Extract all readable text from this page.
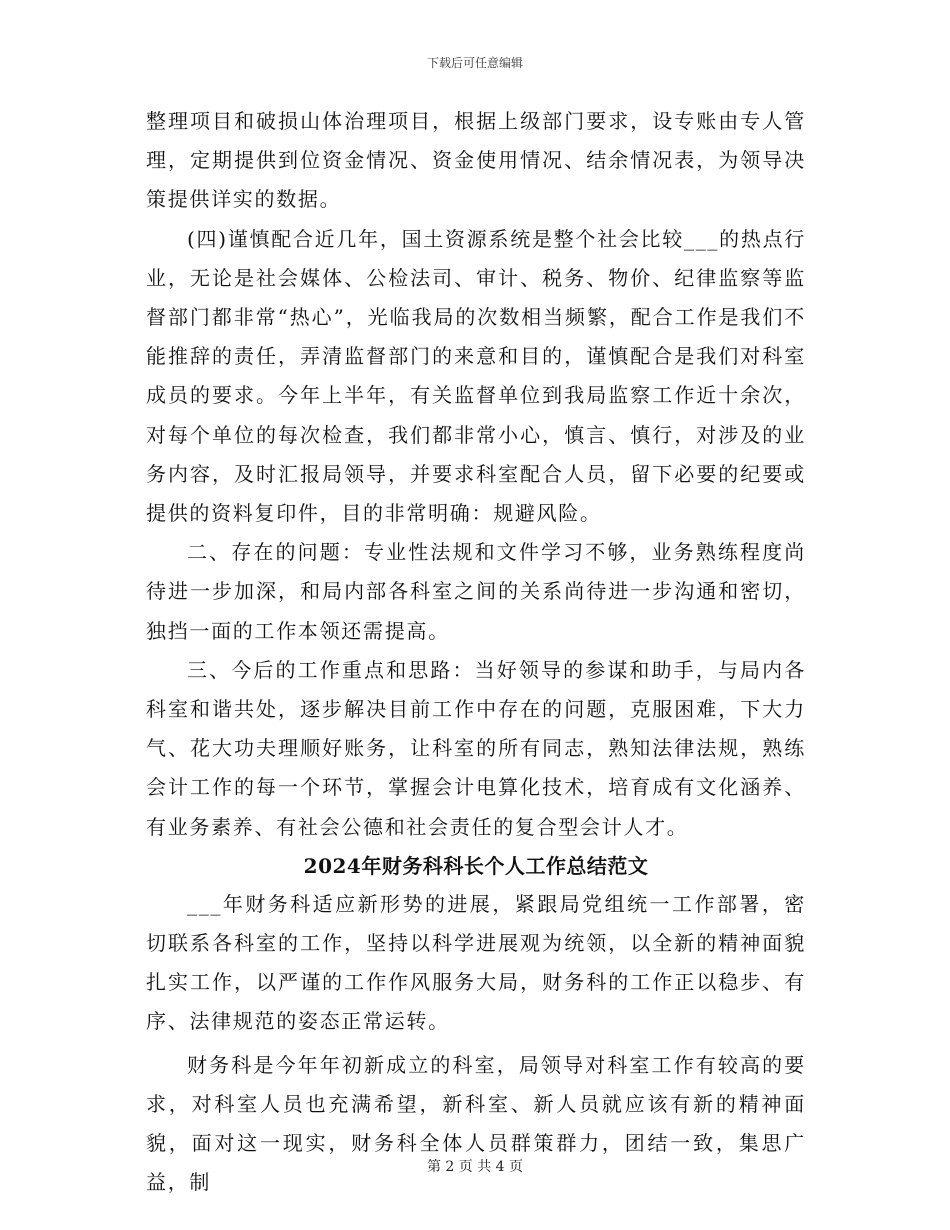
下载后可任意编辑

整理项目和破损山体治理项目，根据上级部门要求，设专账由专人管理，定期提供到位资金情况、资金使用情况、结余情况表，为领导决策提供详实的数据。

(四)谨慎配合近几年，国土资源系统是整个社会比较___的热点行业，无论是社会媒体、公检法司、审计、税务、物价、纪律监察等监督部门都非常“热心”，光临我局的次数相当频繁，配合工作是我们不能推辞的责任，弄清监督部门的来意和目的，谨慎配合是我们对科室成员的要求。今年上半年，有关监督单位到我局监察工作近十余次，对每个单位的每次检查，我们都非常小心，慎言、慎行，对涉及的业务内容，及时汇报局领导，并要求科室配合人员，留下必要的纪要或提供的资料复印件，目的非常明确：规避风险。

二、存在的问题：专业性法规和文件学习不够，业务熟练程度尚待进一步加深，和局内部各科室之间的关系尚待进一步沟通和密切，独挡一面的工作本领还需提高。

三、今后的工作重点和思路：当好领导的参谋和助手，与局内各科室和谐共处，逐步解决目前工作中存在的问题，克服困难，下大力气、花大功夫理顺好账务，让科室的所有同志，熟知法律法规，熟练会计工作的每一个环节，掌握会计电算化技术，培育成有文化涵养、有业务素养、有社会公德和社会责任的复合型会计人才。

2024年财务科科长个人工作总结范文

___年财务科适应新形势的进展，紧跟局党组统一工作部署，密切联系各科室的工作，坚持以科学进展观为统领，以全新的精神面貌扎实工作，以严谨的工作作风服务大局，财务科的工作正以稳步、有序、法律规范的姿态正常运转。

财务科是今年年初新成立的科室，局领导对科室工作有较高的要求，对科室人员也充满希望，新科室、新人员就应该有新的精神面貌，面对这一现实，财务科全体人员群策群力，团结一致，集思广益，制

第 2 页 共 4 页
